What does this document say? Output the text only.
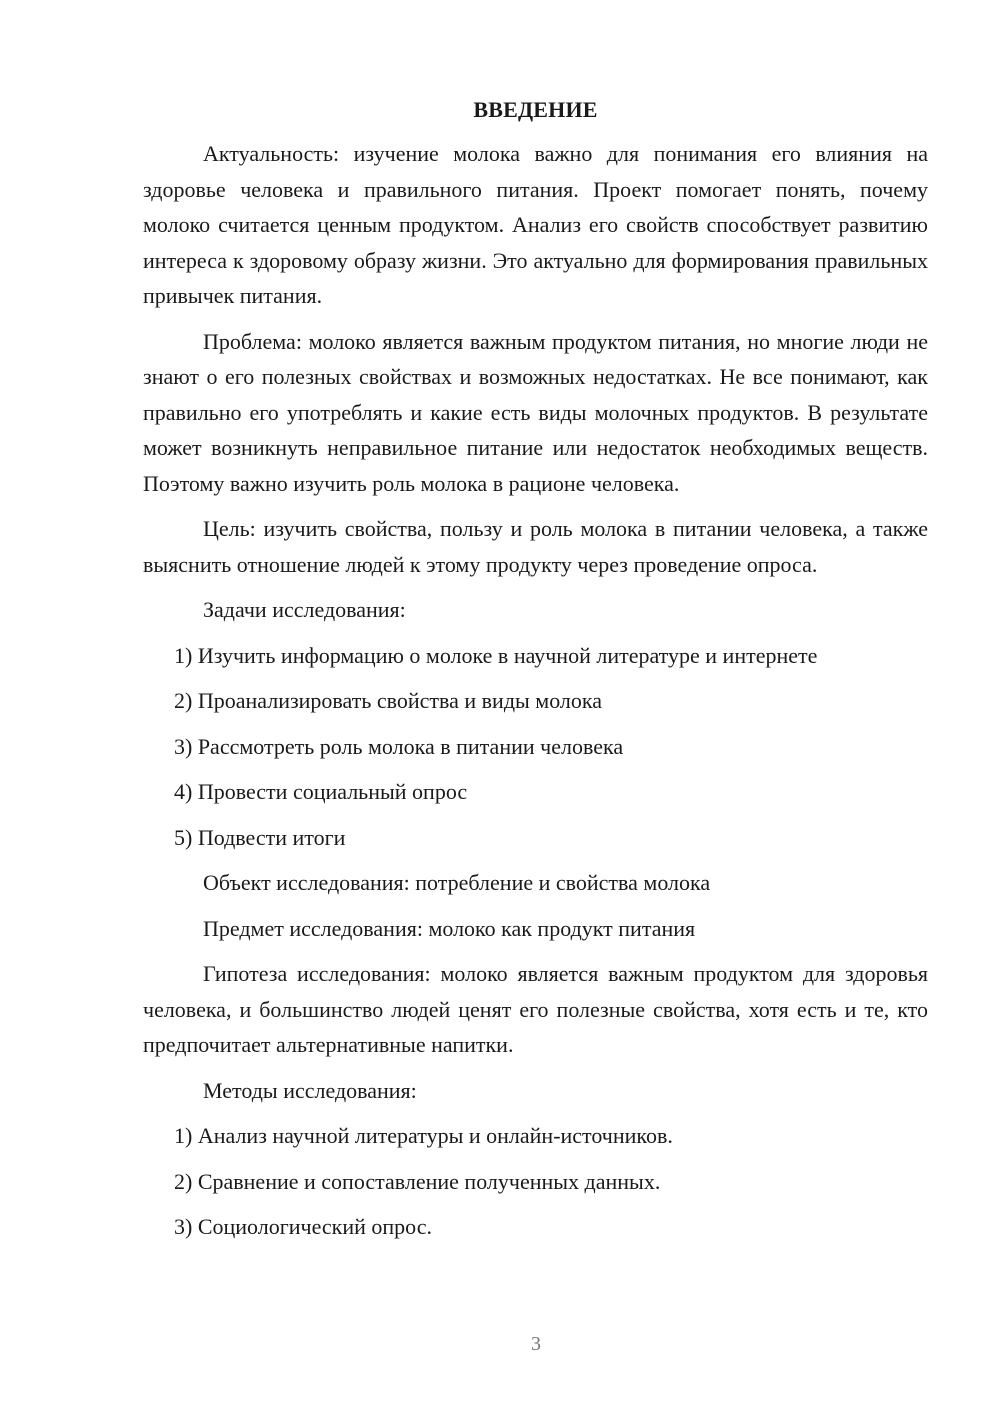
ВВЕДЕНИЕ

Актуальность: изучение молока важно для понимания его влияния на здоровье человека и правильного питания. Проект помогает понять, почему молоко считается ценным продуктом. Анализ его свойств способствует развитию интереса к здоровому образу жизни. Это актуально для формирования правильных привычек питания.

Проблема: молоко является важным продуктом питания, но многие люди не знают о его полезных свойствах и возможных недостатках. Не все понимают, как правильно его употреблять и какие есть виды молочных продуктов. В результате может возникнуть неправильное питание или недостаток необходимых веществ. Поэтому важно изучить роль молока в рационе человека.

Цель: изучить свойства, пользу и роль молока в питании человека, а также выяснить отношение людей к этому продукту через проведение опроса.

Задачи исследования:
1) Изучить информацию о молоке в научной литературе и интернете
2) Проанализировать свойства и виды молока
3) Рассмотреть роль молока в питании человека
4) Провести социальный опрос
5) Подвести итоги
Объект исследования: потребление и свойства молока
Предмет исследования: молоко как продукт питания

Гипотеза исследования: молоко является важным продуктом для здоровья человека, и большинство людей ценят его полезные свойства, хотя есть и те, кто предпочитает альтернативные напитки.

Методы исследования:
1) Анализ научной литературы и онлайн-источников.
2) Сравнение и сопоставление полученных данных.
3) Социологический опрос.
3
